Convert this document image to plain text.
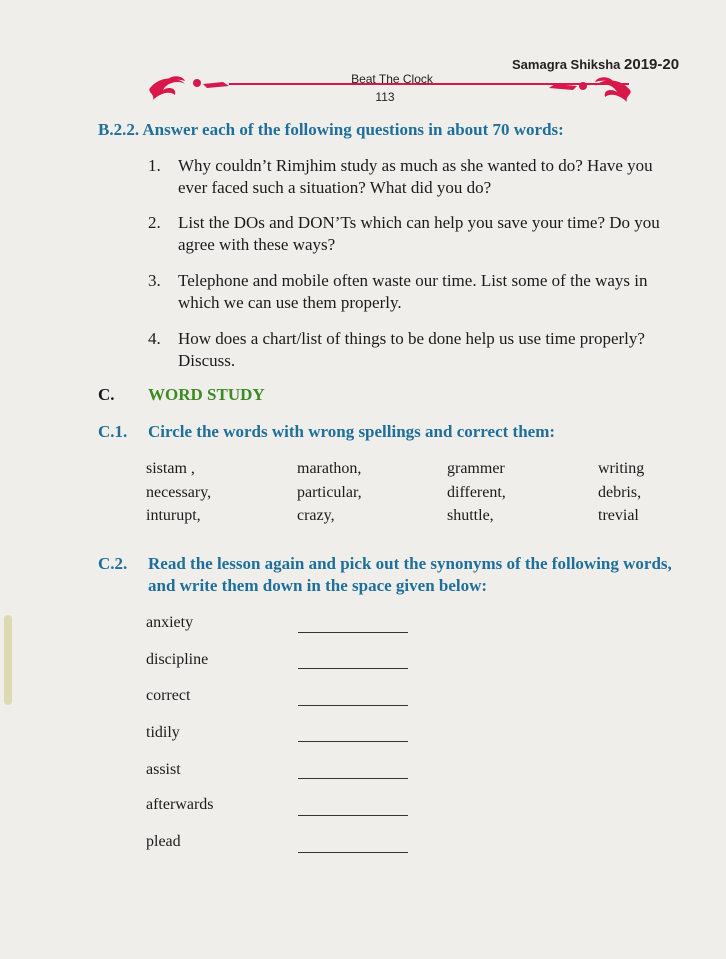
Samagra Shiksha 2019-20
Beat The Clock
113
B.2.2. Answer each of the following questions in about 70 words:
1. Why couldn’t Rimjhim study as much as she wanted to do? Have you ever faced such a situation? What did you do?
2. List the DOs and DON’Ts which can help you save your time? Do you agree with these ways?
3. Telephone and mobile often waste our time. List some of the ways in which we can use them properly.
4. How does a chart/list of things to be done help us use time properly? Discuss.
C. WORD STUDY
C.1. Circle the words with wrong spellings and correct them:
sistam ,	marathon,	grammer	writing
necessary,	particular,	different,	debris,
inturupt,	crazy,	shuttle,	trevial
C.2. Read the lesson again and pick out the synonyms of the following words, and write them down in the space given below:
anxiety
discipline
correct
tidily
assist
afterwards
plead
